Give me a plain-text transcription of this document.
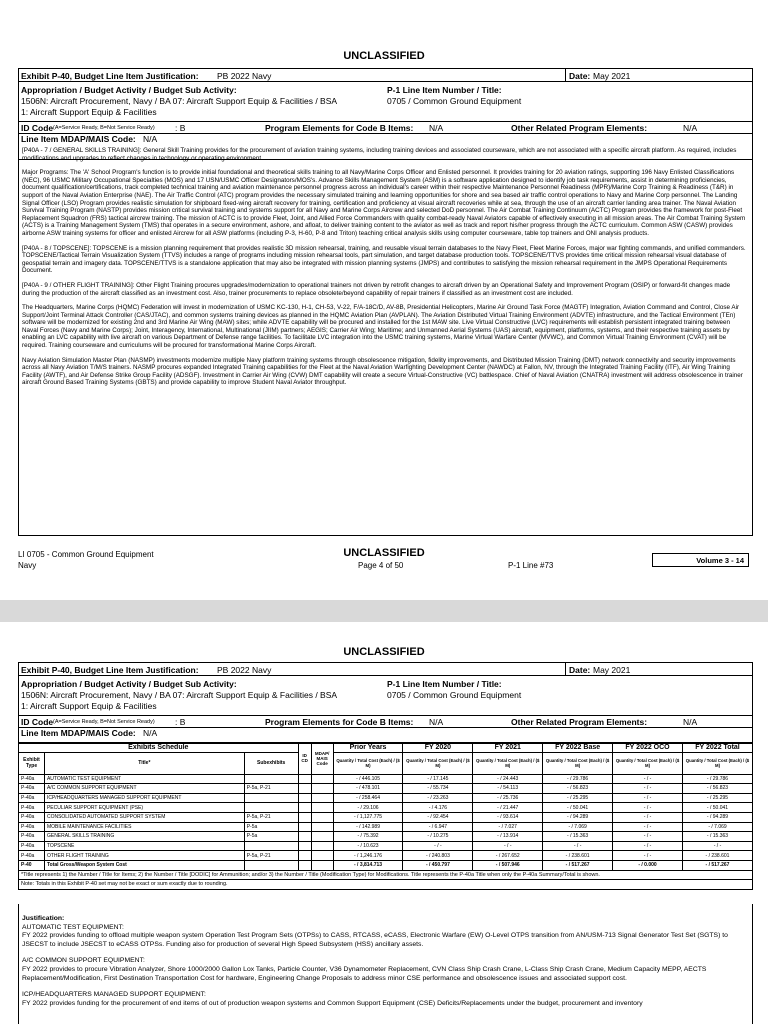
UNCLASSIFIED
Exhibit P-40, Budget Line Item Justification: PB 2022 Navy	Date: May 2021
Appropriation / Budget Activity / Budget Sub Activity:
1506N: Aircraft Procurement, Navy / BA 07: Aircraft Support Equip & Facilities / BSA
1: Aircraft Support Equip & Facilities
P-1 Line Item Number / Title:
0705 / Common Ground Equipment
ID Code (A=Service Ready, B=Not Service Ready) : B	Program Elements for Code B Items: N/A	Other Related Program Elements:	N/A
Line Item MDAP/MAIS Code: N/A

[P40A - 7 / GENERAL SKILLS TRAINING]: General Skill Training provides for the procurement of aviation training systems, including training devices and associated courseware, which are not associated with a specific aircraft platform. As required, includes modifications and upgrades to reflect changes in technology or operating environment.

Major Programs: The 'A' School Program's function is to provide initial foundational and theoretical skills training to all Navy/Marine Corps Officer and Enlisted personnel. It provides training for 20 aviation ratings, supporting 196 Navy Enlisted Classifications (NEC), 96 USMC Military Occupational Specialties (MOS) and 17 USN/USMC Officer Designators/MOS's. Advance Skills Management System (ASM) is a software application designed to identify job task requirements, assist in determining proficiencies, document qualification/certifications, track completed technical training and aviation maintenance personnel progress across an individual's career within their respective Maintenance Personnel Readiness (MPR)/Marine Corp Training & Readiness (T&R) in support of the Naval Aviation Enterprise (NAE). The Air Traffic Control (ATC) program provides the necessary simulated training and learning opportunities for shore and sea based air traffic control operations to Navy and Marine Corp personnel. The Landing Signal Officer (LSO) Program provides realistic simulation for shipboard fixed-wing aircraft recovery for training, certification and proficiency at visual aircraft recoveries while at sea, through the use of an aircraft carrier landing area trainer. The Naval Aviation Survival Training Program (NASTP) provides mission critical survival training and systems support for all Navy and Marine Corps Aircrew and selected DoD personnel. The Air Combat Training Continuum (ACTC) Program provides the framework for post-Fleet Replacement Squadron (FRS) tactical aircrew training. The mission of ACTC is to provide Fleet, Joint, and Allied Force Commanders with quality combat-ready Naval Aviators capable of effectively executing in all mission areas. The Air Combat Training System (ACTS) is a Training Management System (TMS) that operates in a secure environment, ashore, and afloat, to deliver training content to the aviator as well as track and report his/her progress through the ACTC curriculum. Common ASW (CASW) provides airborne ASW training systems for officer and enlisted Aircrew for all ASW platforms (including P-3, H-60, P-8 and Triton) teaching critical analysis skills using computer courseware, table top trainers and ONI analysis products.

[P40A - 8 / TOPSCENE]: TOPSCENE is a mission planning requirement that provides realistic 3D mission rehearsal, training, and reusable visual terrain databases to the Navy Fleet, Fleet Marine Forces, major war fighting commands, and unified commanders. TOPSCENE/Tactical Terrain Visualization System (TTVS) includes a range of programs including mission rehearsal tools, part simulation, and target database production tools. TOPSCENE/TTVS provides time critical mission rehearsal visual database of geospatial terrain and imagery data. TOPSCENE/TTVS is a standalone application that may also be integrated with mission planning systems (JMPS) and contributes to satisfying the mission rehearsal requirement in the JMPS Operational Requirements Document.

[P40A - 9 / OTHER FLIGHT TRAINING]: Other Flight Training procures upgrades/modernization to operational trainers not driven by retrofit changes to aircraft driven by an Operational Safety and Improvement Program (OSIP) or forward-fit changes made during the production of the aircraft classified as an investment cost. Also, trainer procurements to replace obsolete/beyond capability of repair trainers if classified as an investment cost are included.

The Headquarters, Marine Corps (HQMC) Federation will invest in modernization of USMC KC-130, H-1, CH-53, V-22, F/A-18C/D, AV-8B, Presidential Helicopters, Marine Air Ground Task Force (MAGTF) Integration, Aviation Command and Control, Close Air Support/Joint Terminal Attack Controller (CAS/JTAC), and common systems training devices as planned in the HQMC Aviation Plan (AVPLAN). The Aviation Distributed Virtual Training Environment (ADVTE) infrastructure, and the Tactical Environment (TEn) software will be modernized for existing 2nd and 3rd Marine Air Wing (MAW) sites; while ADVTE capability will be procured and installed for the 1st MAW site. Live Virtual Constructive (LVC) requirements will establish persistent integrated training between Naval Forces (Navy and Marine Corps); Joint, Interagency, International, Multinational (JIIM) partners; AEGIS; Carrier Air Wing; Maritime; and Unmanned Aerial Systems (UAS) aircraft, equipment, platforms, systems, and their respective training assets by enabling an LVC capability with live aircraft on various Department of Defense range facilities. To facilitate LVC integration into the USMC training systems, Marine Virtual Warfare Center (MVWC), and Common Virtual Training Environment (CVAT) will be required. Training courseware and curriculums will be procured for transformational Marine Corps Aircraft.

Navy Aviation Simulation Master Plan (NASMP) investments modernize multiple Navy platform training systems through obsolescence mitigation, fidelity improvements, and Distributed Mission Training (DMT) network connectivity and security improvements across all Navy Aviation T/M/S trainers. NASMP procures expanded Integrated Training capabilities for the Fleet at the Naval Aviation Warfighting Development Center (NAWDC) at Fallon, NV, through the Integrated Training Facility (ITF), Air Wing Training Facility (AWTF), and Air Defense Strike Group Facility (ADSGF). Investment in Carrier Air Wing (CVW) DMT capability will create a secure Virtual-Constructive (VC) battlespace. Chief of Naval Aviation (CNATRA) investment will address obsolescence in trainer aircraft Ground Based Training Systems (GBTS) and provide capability to improve Student Naval Aviator throughput.

LI 0705 - Common Ground Equipment
Navy
UNCLASSIFIED
Page 4 of 50	P-1 Line #73
Volume 3 - 14
UNCLASSIFIED
Exhibit P-40, Budget Line Item Justification: PB 2022 Navy	Date: May 2021
Appropriation / Budget Activity / Budget Sub Activity:
1506N: Aircraft Procurement, Navy / BA 07: Aircraft Support Equip & Facilities / BSA
1: Aircraft Support Equip & Facilities
P-1 Line Item Number / Title:
0705 / Common Ground Equipment
ID Code (A=Service Ready, B=Not Service Ready) : B	Program Elements for Code B Items: N/A	Other Related Program Elements:	N/A
Line Item MDAP/MAIS Code: N/A
Exhibits Schedule			ID CD	MDAP/ MAIS Code	Prior Years	FY 2020	FY 2021	FY 2022 Base	FY 2022 OCO	FY 2022 Total
Exhibit Type	Title*	Subexhibits			Quantity / Total Cost (Each) / ($ M)	Quantity / Total Cost (Each) / ($ M)	Quantity / Total Cost (Each) / ($ M)	Quantity / Total Cost (Each) / ($ M)	Quantity / Total Cost (Each) / ($ M)	Quantity / Total Cost (Each) / ($ M)
P-40a	AUTOMATIC TEST EQUIPMENT				- / 446.105	- / 17.145	- / 24.443	- / 29.786	- / -	- / 29.786
P-40a	A/C COMMON SUPPORT EQUIPMENT	P-5a, P-21			- / 478.101	- / 55.734	- / 54.113	- / 56.823	- / -	- / 56.823
P-40a	ICP/HEADQUARTERS MANAGED SUPPORT EQUIPMENT				- / 258.464	- / 23.263	- / 25.736	- / 25.295	- / -	- / 25.295
P-40a	PECULIAR SUPPORT EQUIPMENT (PSE)				- / 29.106	- / 4.176	- / 21.447	- / 50.041	- / -	- / 50.041
P-40a	CONSOLIDATED AUTOMATED SUPPORT SYSTEM	P-5a, P-21			- / 1,127.775	- / 92.454	- / 93.614	- / 94.289	- / -	- / 94.289
P-40a	MOBILE MAINTENANCE FACILITIES	P-5a			- / 142.989	- / 6.947	- / 7.027	- / 7.069	- / -	- / 7.069
P-40a	GENERAL SKILLS TRAINING	P-5a			- / 75.392	- / 10.275	- / 13.914	- / 15.363	- / -	- / 15.363
P-40a	TOPSCENE				- / 10.623	- / -	- / -	- / -	- / -	- / -
P-40a	OTHER FLIGHT TRAINING	P-5a, P-21			- / 1,246.176	- / 240.803	- / 267.652	- / 238.601	- / -	- / 238.601
P-40	Total Gross/Weapon System Cost				- / 3,814.713	- / 450.797	- / 507.946	- / 517.267	- / 0.000	- / 517.267
*Title represents 1) the Number / Title for Items; 2) the Number / Title [DODIC] for Ammunition; and/or 3) the Number / Title (Modification Type) for Modifications. Title represents the P-40a Title when only the P-40a Summary/Total is shown.										
Note: Totals in this Exhibit P-40 set may not be exact or sum exactly due to rounding.										
Justification:
AUTOMATIC TEST EQUIPMENT:

FY 2022 provides funding to offload multiple weapon system Operation Test Program Sets (OTPSs) to CASS, RTCASS, eCASS, Electronic Warfare (EW) O-Level OTPS transition from AN/USM-713 Signal Generator Test Set (SGTS) to JSECST to include JSECST to eCASS OTPSs. Funding also for production of several High Speed Subsystem (HSS) ancillary assets.

A/C COMMON SUPPORT EQUIPMENT:

FY 2022 provides to procure Vibration Analyzer, Shore 1000/2000 Gallon Lox Tanks, Particle Counter, V36 Dynamometer Replacement, CVN Class Ship Crash Crane, L-Class Ship Crash Crane, Medium Capacity MEPP, AECTS Replacement/Modification, First Destination Transportation Cost for hardware, Engineering Change Proposals to address minor CSE performance and obsolescence issues and associated support cost.

ICP/HEADQUARTERS MANAGED SUPPORT EQUIPMENT:

FY 2022 provides funding for the procurement of end items of out of production weapon systems and Common Support Equipment (CSE) Deficits/Replacements under the budget, procurement and inventory
